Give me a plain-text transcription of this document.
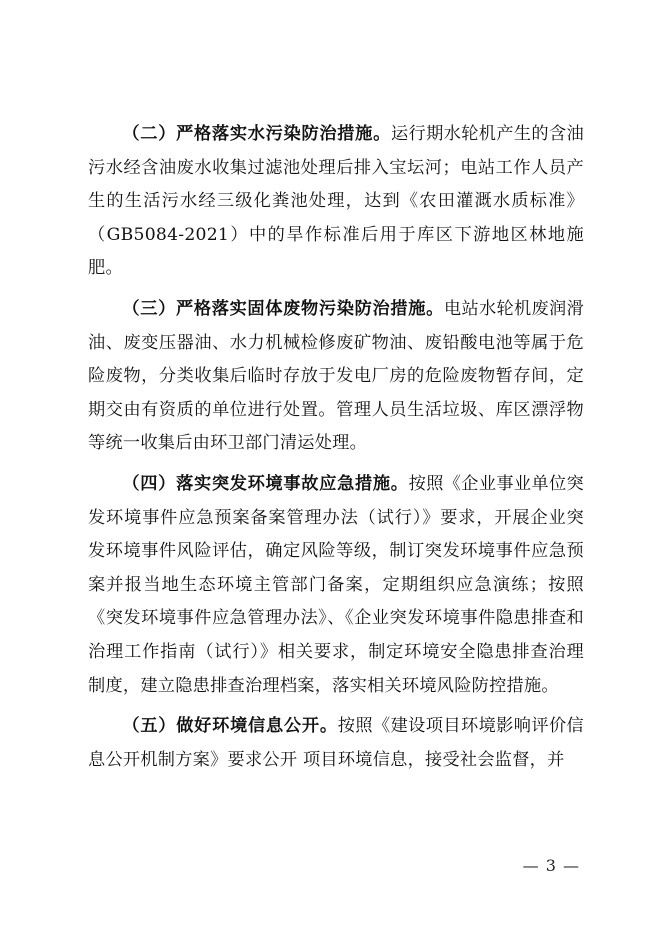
（二）严格落实水污染防治措施。运行期水轮机产生的含油污水经含油废水收集过滤池处理后排入宝坛河；电站工作人员产生的生活污水经三级化粪池处理，达到《农田灌溉水质标准》（GB5084-2021）中的旱作标准后用于库区下游地区林地施肥。

（三）严格落实固体废物污染防治措施。电站水轮机废润滑油、废变压器油、水力机械检修废矿物油、废铅酸电池等属于危险废物，分类收集后临时存放于发电厂房的危险废物暂存间，定期交由有资质的单位进行处置。管理人员生活垃圾、库区漂浮物等统一收集后由环卫部门清运处理。

（四）落实突发环境事故应急措施。按照《企业事业单位突发环境事件应急预案备案管理办法（试行）》要求，开展企业突发环境事件风险评估，确定风险等级，制订突发环境事件应急预案并报当地生态环境主管部门备案，定期组织应急演练；按照《突发环境事件应急管理办法》、《企业突发环境事件隐患排查和治理工作指南（试行）》相关要求，制定环境安全隐患排查治理制度，建立隐患排查治理档案，落实相关环境风险防控措施。

（五）做好环境信息公开。按照《建设项目环境影响评价信息公开机制方案》要求公开 项目环境信息，接受社会监督，并

— 3 —
